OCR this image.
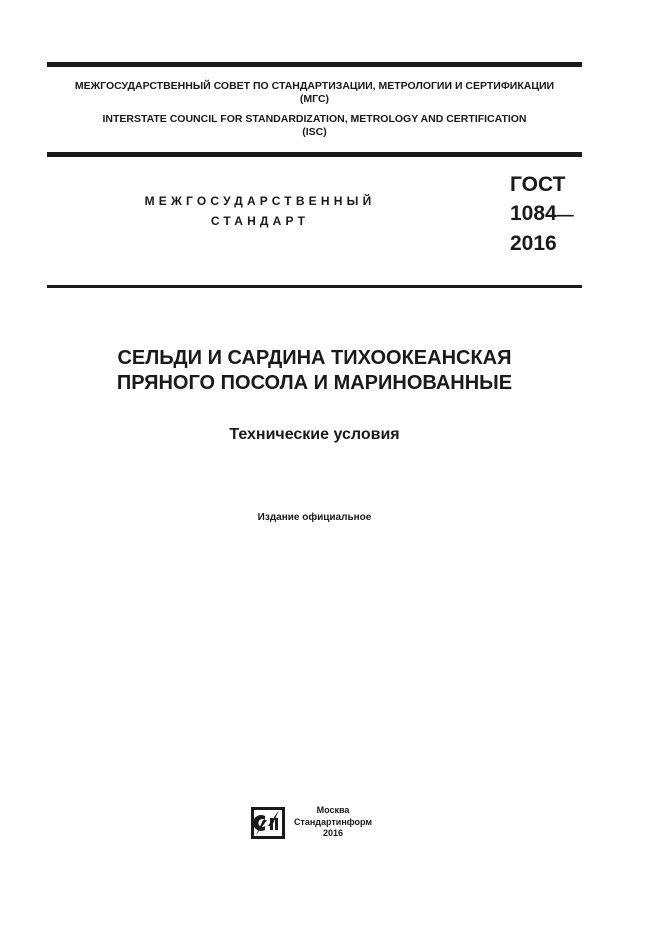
МЕЖГОСУДАРСТВЕННЫЙ СОВЕТ ПО СТАНДАРТИЗАЦИИ, МЕТРОЛОГИИ И СЕРТИФИКАЦИИ
(МГС)
INTERSTATE COUNCIL FOR STANDARDIZATION, METROLOGY AND CERTIFICATION
(ISC)
МЕЖГОСУДАРСТВЕННЫЙ
СТАНДАРТ
ГОСТ
1084—
2016
СЕЛЬДИ И САРДИНА ТИХООКЕАНСКАЯ
ПРЯНОГО ПОСОЛА И МАРИНОВАННЫЕ
Технические условия
Издание официальное
Москва
Стандартинформ
2016
